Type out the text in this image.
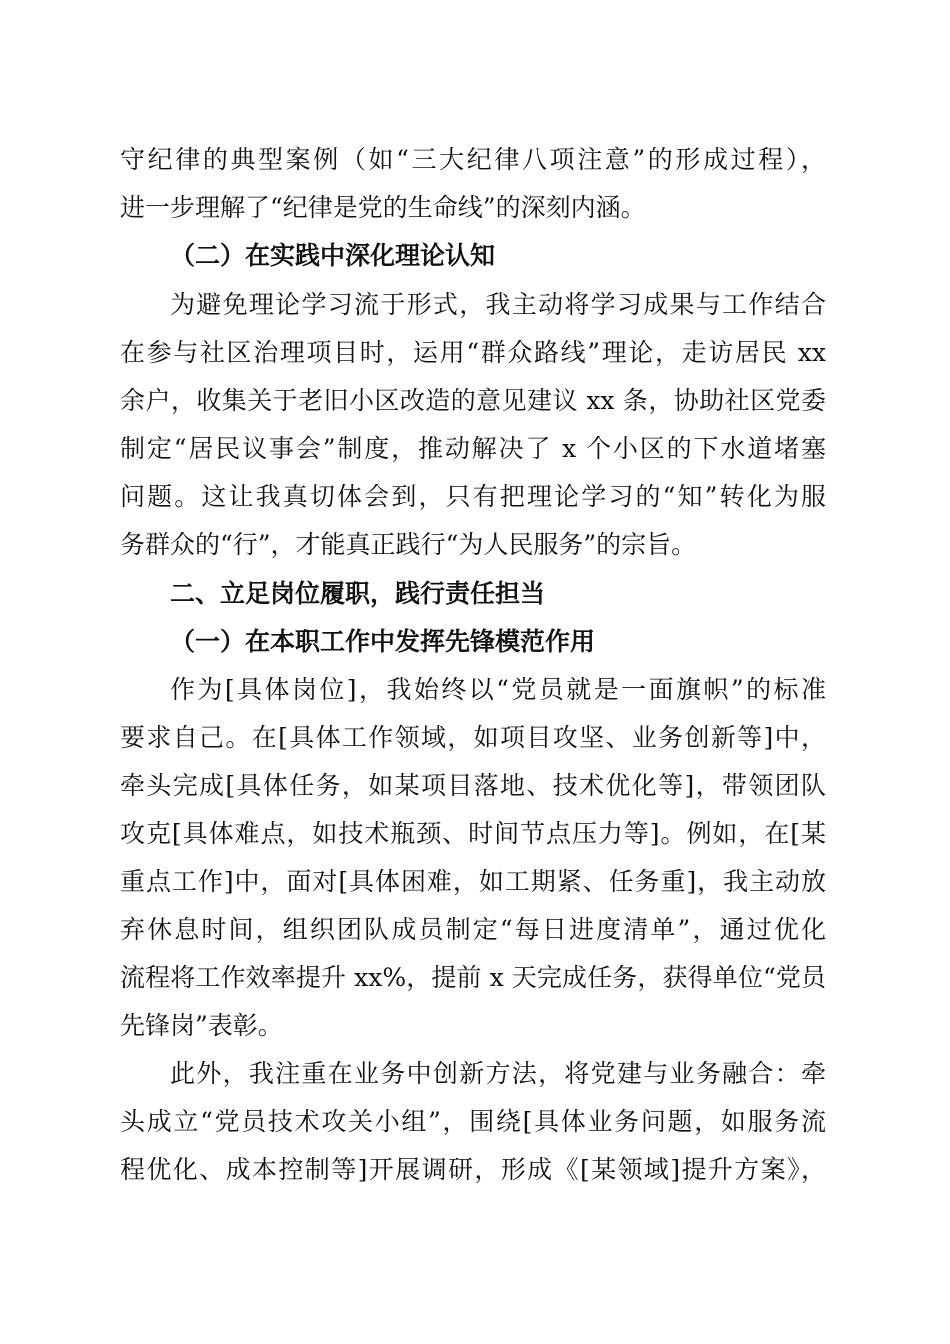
守纪律的典型案例（如“三大纪律八项注意”的形成过程），
进一步理解了“纪律是党的生命线”的深刻内涵。
（二）在实践中深化理论认知
为避免理论学习流于形式，我主动将学习成果与工作结合
在参与社区治理项目时，运用“群众路线”理论，走访居民 xx
余户，收集关于老旧小区改造的意见建议 xx 条，协助社区党委
制定“居民议事会”制度，推动解决了 x 个小区的下水道堵塞
问题。这让我真切体会到，只有把理论学习的“知”转化为服
务群众的“行”，才能真正践行“为人民服务”的宗旨。
二、立足岗位履职，践行责任担当
（一）在本职工作中发挥先锋模范作用
作为[具体岗位]，我始终以“党员就是一面旗帜”的标准
要求自己。在[具体工作领域，如项目攻坚、业务创新等]中，
牵头完成[具体任务，如某项目落地、技术优化等]，带领团队
攻克[具体难点，如技术瓶颈、时间节点压力等]。例如，在[某
重点工作]中，面对[具体困难，如工期紧、任务重]，我主动放
弃休息时间，组织团队成员制定“每日进度清单”，通过优化
流程将工作效率提升 xx%，提前 x 天完成任务，获得单位“党员
先锋岗”表彰。
此外，我注重在业务中创新方法，将党建与业务融合：牵
头成立“党员技术攻关小组”，围绕[具体业务问题，如服务流
程优化、成本控制等]开展调研，形成《[某领域]提升方案》，
